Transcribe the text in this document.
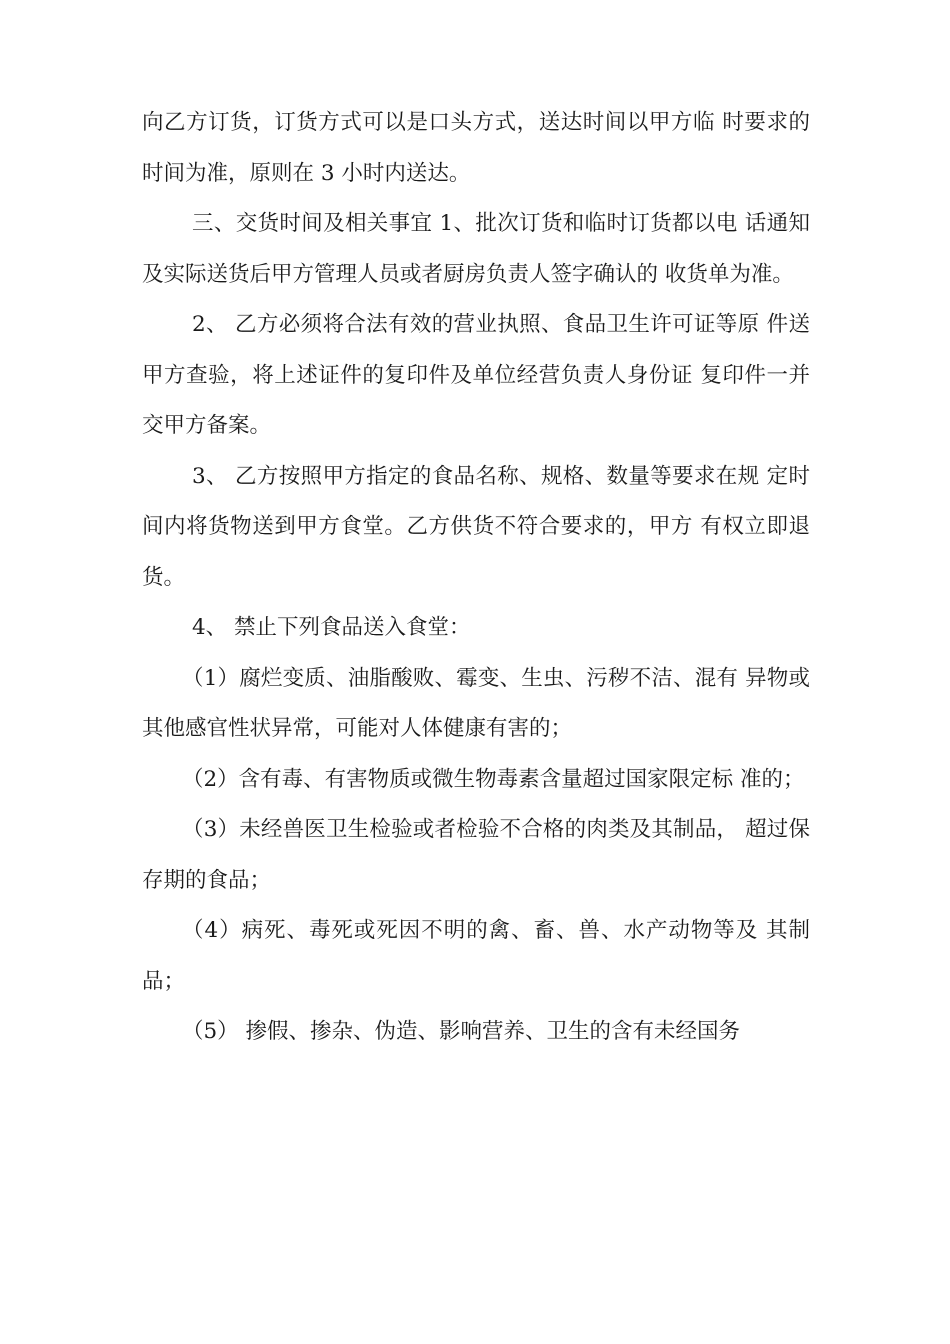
向乙方订货，订货方式可以是口头方式，送达时间以甲方临 时要求的时间为准，原则在 3 小时内送达。

三、交货时间及相关事宜 1、批次订货和临时订货都以电 话通知及实际送货后甲方管理人员或者厨房负责人签字确认的 收货单为准。

2、 乙方必须将合法有效的营业执照、食品卫生许可证等原 件送甲方查验，将上述证件的复印件及单位经营负责人身份证 复印件一并交甲方备案。

3、 乙方按照甲方指定的食品名称、规格、数量等要求在规 定时间内将货物送到甲方食堂。乙方供货不符合要求的，甲方 有权立即退货。

4、 禁止下列食品送入食堂：

（1）腐烂变质、油脂酸败、霉变、生虫、污秽不洁、混有 异物或其他感官性状异常，可能对人体健康有害的；

（2）含有毒、有害物质或微生物毒素含量超过国家限定标 准的；

（3）未经兽医卫生检验或者检验不合格的肉类及其制品， 超过保存期的食品；

（4）病死、毒死或死因不明的禽、畜、兽、水产动物等及 其制品；

（5） 掺假、掺杂、伪造、影响营养、卫生的含有未经国务
